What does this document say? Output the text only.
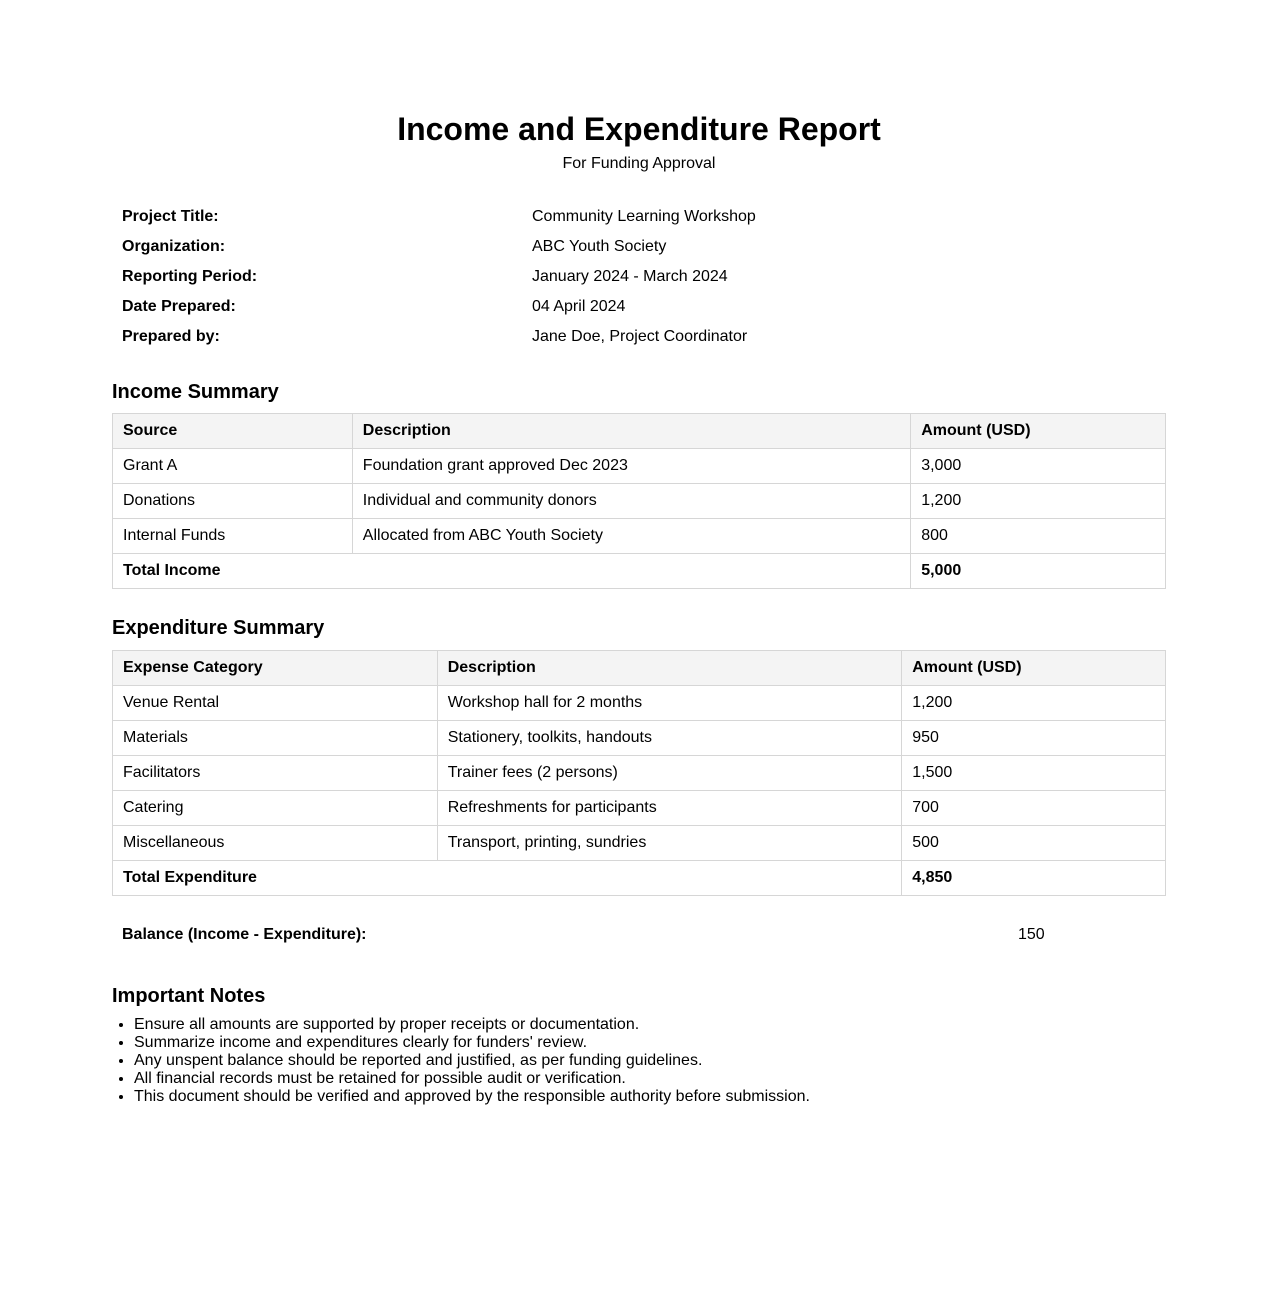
Income and Expenditure Report
For Funding Approval
Project Title:	Community Learning Workshop
Organization:	ABC Youth Society
Reporting Period:	January 2024 - March 2024
Date Prepared:	04 April 2024
Prepared by:	Jane Doe, Project Coordinator
Income Summary
Source	Description	Amount (USD)
Grant A	Foundation grant approved Dec 2023	3,000
Donations	Individual and community donors	1,200
Internal Funds	Allocated from ABC Youth Society	800
Total Income		5,000
Expenditure Summary
Expense Category	Description	Amount (USD)
Venue Rental	Workshop hall for 2 months	1,200
Materials	Stationery, toolkits, handouts	950
Facilitators	Trainer fees (2 persons)	1,500
Catering	Refreshments for participants	700
Miscellaneous	Transport, printing, sundries	500
Total Expenditure		4,850
Balance (Income - Expenditure):	150
Important Notes
• Ensure all amounts are supported by proper receipts or documentation.
• Summarize income and expenditures clearly for funders' review.
• Any unspent balance should be reported and justified, as per funding guidelines.
• All financial records must be retained for possible audit or verification.
• This document should be verified and approved by the responsible authority before submission.
